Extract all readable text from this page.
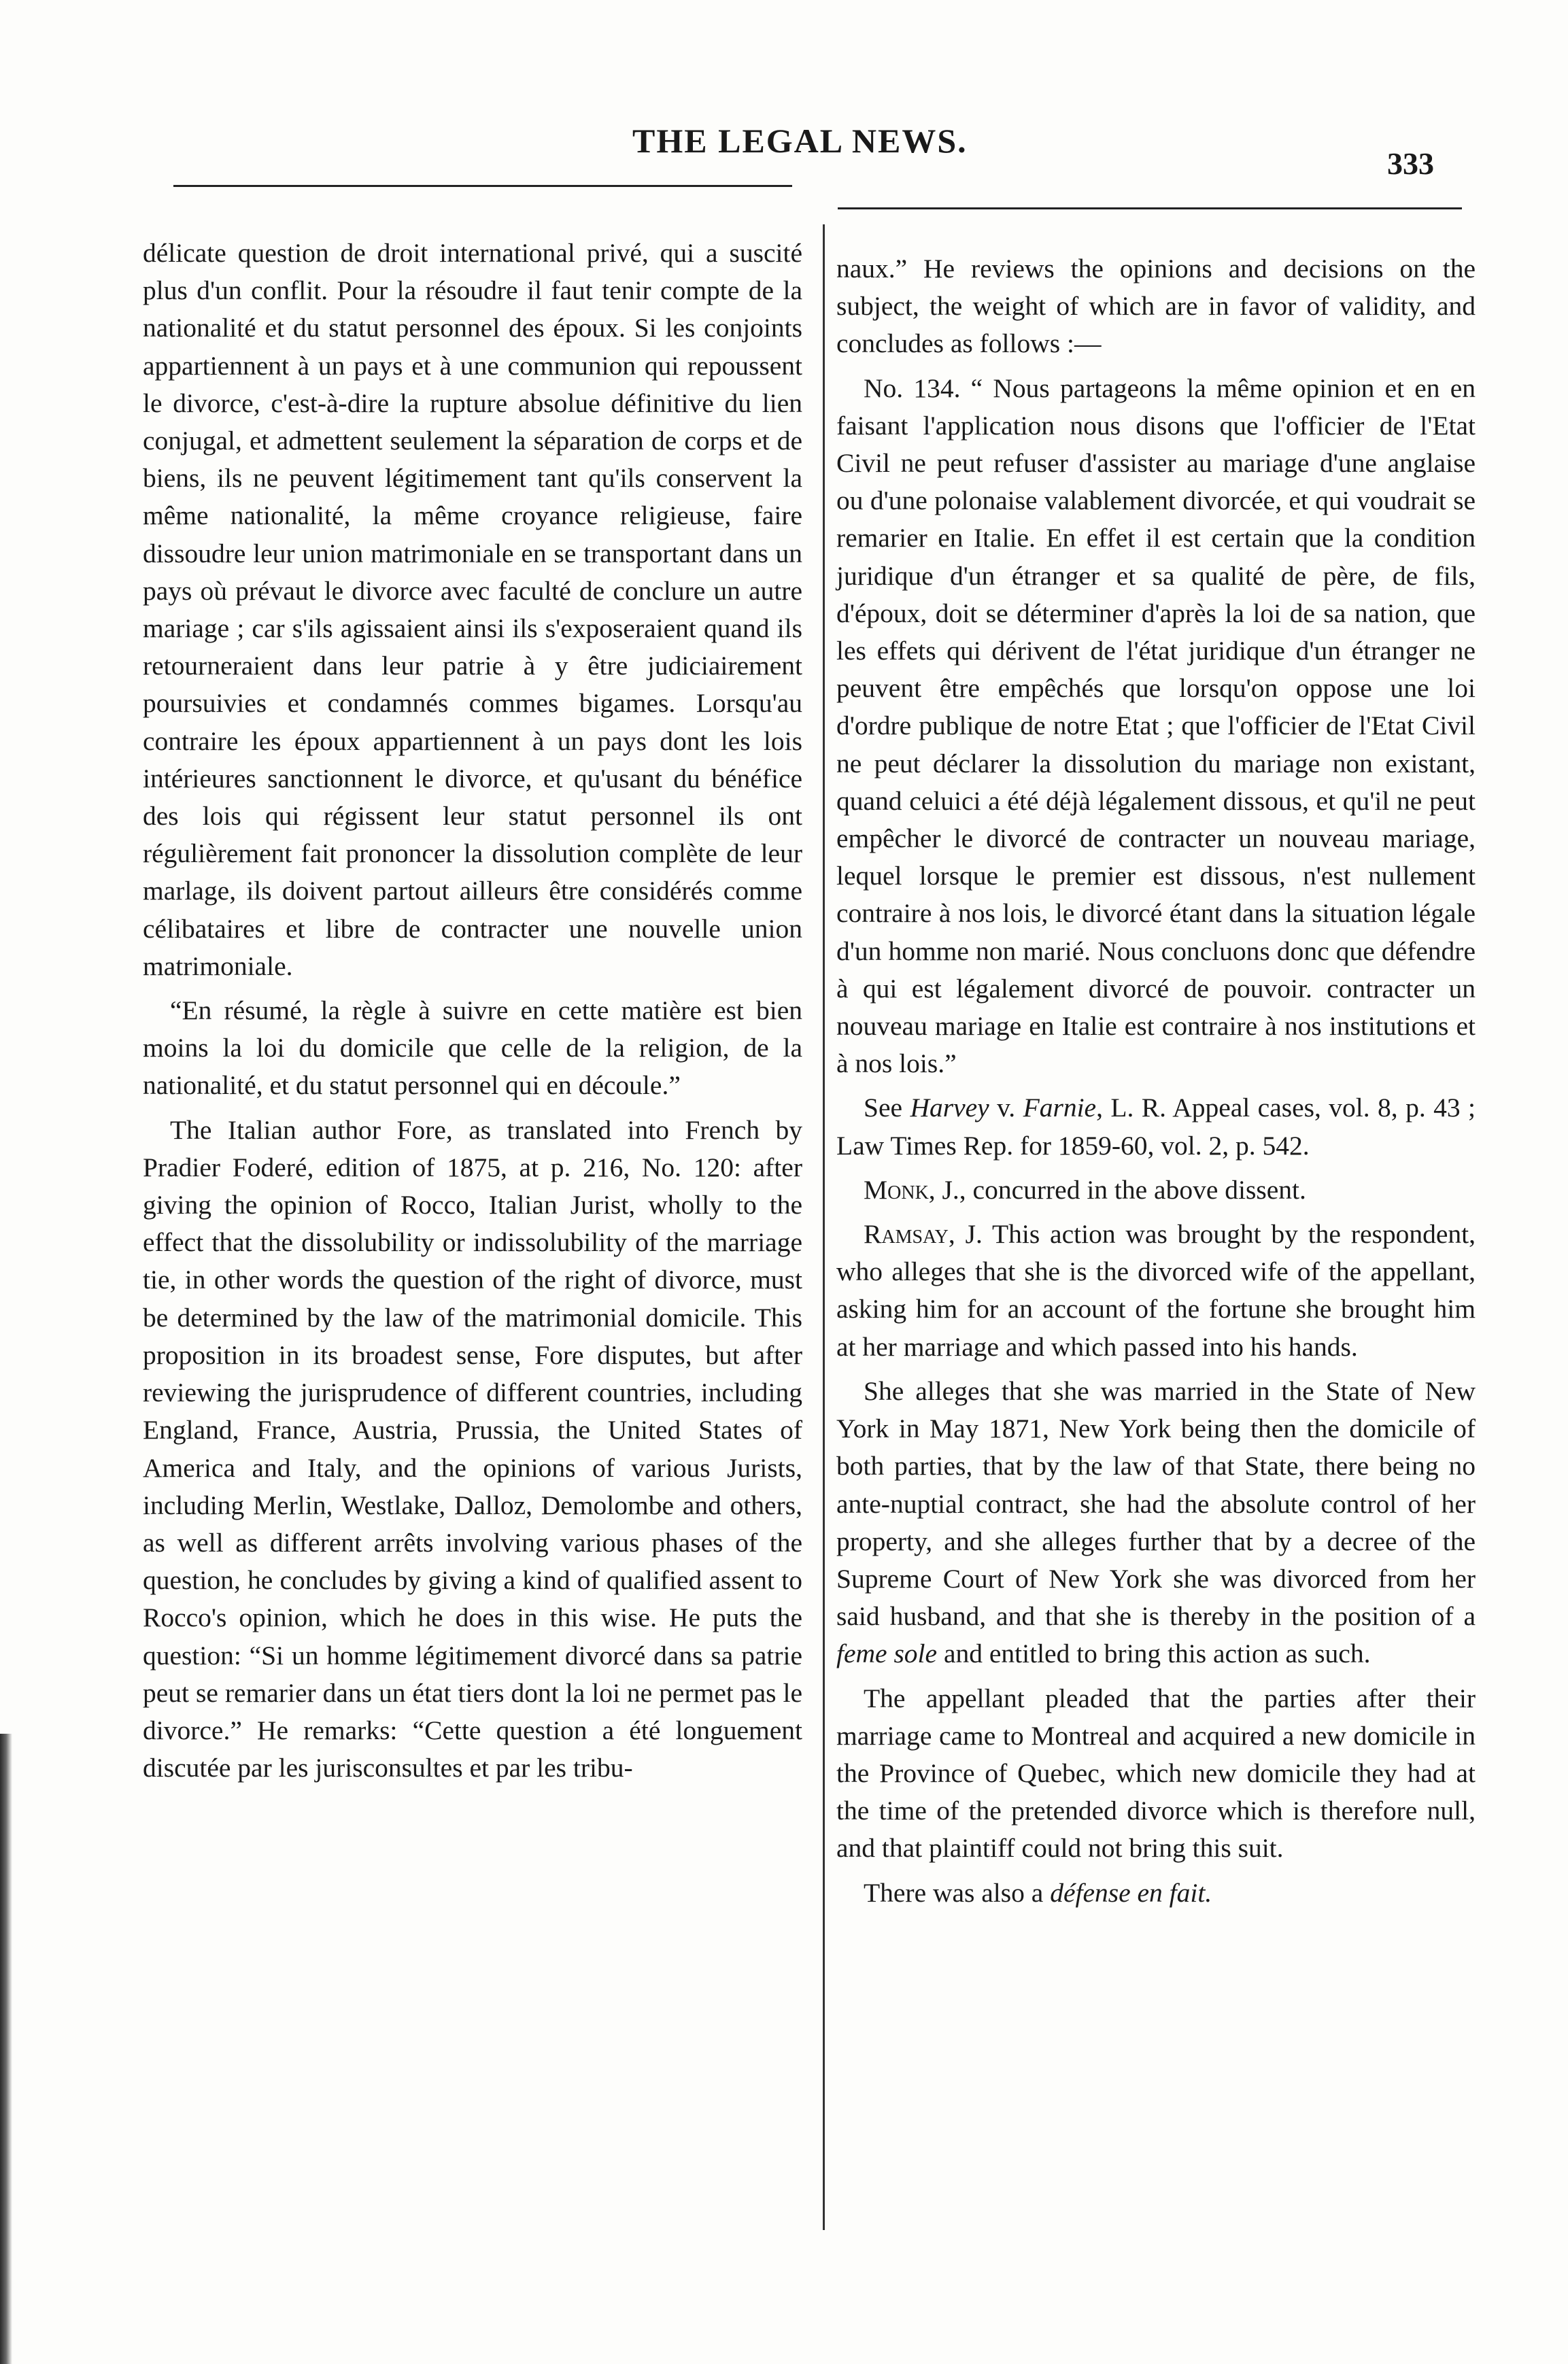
THE LEGAL NEWS.
333

délicate question de droit international privé, qui a suscité plus d'un conflit. Pour la résoudre il faut tenir compte de la nationalité et du statut personnel des époux. Si les conjoints appartiennent à un pays et à une communion qui repoussent le divorce, c'est-à-dire la rupture absolue définitive du lien conjugal, et admettent seulement la séparation de corps et de biens, ils ne peuvent légitimement tant qu'ils conservent la même nationalité, la même croyance religieuse, faire dissoudre leur union matrimoniale en se transportant dans un pays où prévaut le divorce avec faculté de conclure un autre mariage ; car s'ils agissaient ainsi ils s'exposeraient quand ils retourneraient dans leur patrie à y être judiciairement poursuivies et condamnés commes bigames. Lorsqu'au contraire les époux appartiennent à un pays dont les lois intérieures sanctionnent le divorce, et qu'usant du bénéfice des lois qui régissent leur statut personnel ils ont régulièrement fait prononcer la dissolution complète de leur marlage, ils doivent partout ailleurs être considérés comme célibataires et libre de contracter une nouvelle union matrimoniale.

“En résumé, la règle à suivre en cette matière est bien moins la loi du domicile que celle de la religion, de la nationalité, et du statut personnel qui en découle.”

The Italian author Fore, as translated into French by Pradier Foderé, edition of 1875, at p. 216, No. 120: after giving the opinion of Rocco, Italian Jurist, wholly to the effect that the dissolubility or indissolubility of the marriage tie, in other words the question of the right of divorce, must be determined by the law of the matrimonial domicile. This proposition in its broadest sense, Fore disputes, but after reviewing the jurisprudence of different countries, including England, France, Austria, Prussia, the United States of America and Italy, and the opinions of various Jurists, including Merlin, Westlake, Dalloz, Demolombe and others, as well as different arrêts involving various phases of the question, he concludes by giving a kind of qualified assent to Rocco's opinion, which he does in this wise. He puts the question: “Si un homme légitimement divorcé dans sa patrie peut se remarier dans un état tiers dont la loi ne permet pas le divorce.” He remarks: “Cette question a été longuement discutée par les jurisconsultes et par les tribu-

naux.” He reviews the opinions and decisions on the subject, the weight of which are in favor of validity, and concludes as follows :—

No. 134. “ Nous partageons la même opinion et en en faisant l'application nous disons que l'officier de l'Etat Civil ne peut refuser d'assister au mariage d'une anglaise ou d'une polonaise valablement divorcée, et qui voudrait se remarier en Italie. En effet il est certain que la condition juridique d'un étranger et sa qualité de père, de fils, d'époux, doit se déterminer d'après la loi de sa nation, que les effets qui dérivent de l'état juridique d'un étranger ne peuvent être empêchés que lorsqu'on oppose une loi d'ordre publique de notre Etat ; que l'officier de l'Etat Civil ne peut déclarer la dissolution du mariage non existant, quand celuici a été déjà légalement dissous, et qu'il ne peut empêcher le divorcé de contracter un nouveau mariage, lequel lorsque le premier est dissous, n'est nullement contraire à nos lois, le divorcé étant dans la situation légale d'un homme non marié. Nous concluons donc que défendre à qui est légalement divorcé de pouvoir. contracter un nouveau mariage en Italie est contraire à nos institutions et à nos lois.”

See Harvey v. Farnie, L. R. Appeal cases, vol. 8, p. 43 ; Law Times Rep. for 1859-60, vol. 2, p. 542.

Monk, J., concurred in the above dissent.

Ramsay, J. This action was brought by the respondent, who alleges that she is the divorced wife of the appellant, asking him for an account of the fortune she brought him at her marriage and which passed into his hands.

She alleges that she was married in the State of New York in May 1871, New York being then the domicile of both parties, that by the law of that State, there being no ante-nuptial contract, she had the absolute control of her property, and she alleges further that by a decree of the Supreme Court of New York she was divorced from her said husband, and that she is thereby in the position of a feme sole and entitled to bring this action as such.

The appellant pleaded that the parties after their marriage came to Montreal and acquired a new domicile in the Province of Quebec, which new domicile they had at the time of the pretended divorce which is therefore null, and that plaintiff could not bring this suit.

There was also a défense en fait.
